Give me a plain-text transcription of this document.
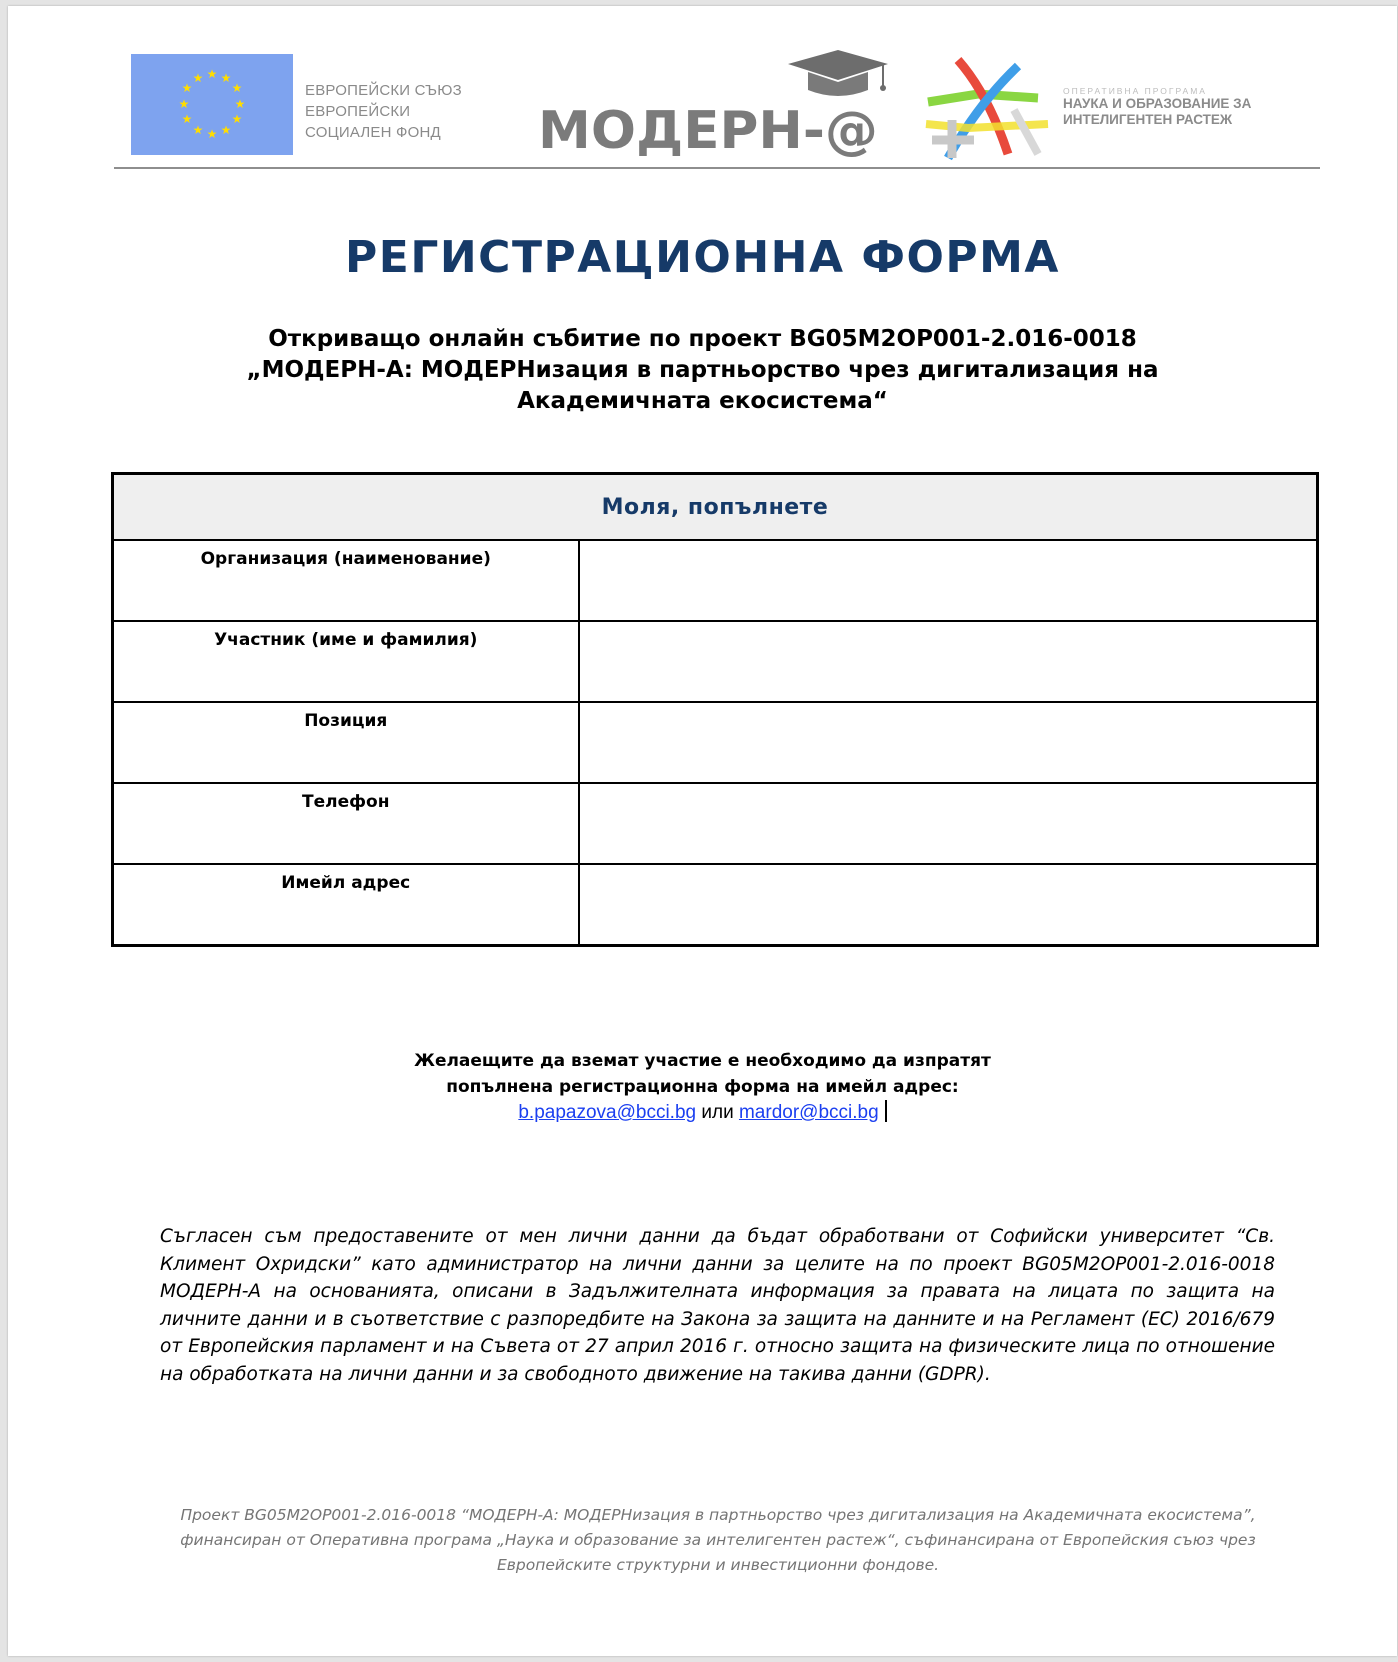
★ ★
★
★
★
★
★
★
★
★
★
★
ЕВРОПЕЙСКИ СЪЮЗ
ЕВРОПЕЙСКИ
СОЦИАЛЕН ФОНД	МОДЕРН-@
ОПЕРАТИВНА ПРОГРАМА
НАУКА И ОБРАЗОВАНИЕ ЗА
ИНТЕЛИГЕНТЕН РАСТЕЖ
РЕГИСТРАЦИОННА ФОРМА
Откриващо онлайн събитие по проект BG05M2OP001-2.016-0018
„МОДЕРН-А: МОДЕРНизация в партньорство чрез дигитализация на
Академичната екосистема“
Моля, попълнете	
Организация (наименование)	
Участник (име и фамилия)	
Позиция	
Телефон	
Имейл адрес	
Желаещите да вземат участие е необходимо да изпратят
попълнена регистрационна форма на имейл адрес:
b.papazova@bcci.bg или mardor@bcci.bg
Съгласен съм предоставените от мен лични данни да бъдат обработвани от Софийски университет “Св. Климент Охридски” като администратор на лични данни за целите на по проект BG05M2OP001-2.016-0018 МОДЕРН-А на основанията, описани в Задължителната информация за правата на лицата по защита на личните данни и в съответствие с разпоредбите на Закона за защита на данните и на Регламент (ЕС) 2016/679 от Европейския парламент и на Съвета от 27 април 2016 г. относно защита на физическите лица по отношение на обработката на лични данни и за свободното движение на такива данни (GDPR).
Проект BG05M2OP001-2.016-0018 “МОДЕРН-А: МОДЕРНизация в партньорство чрез дигитализация на Академичната екосистема”, финансиран от Оперативна програма „Наука и образование за интелигентен растеж“, съфинансирана от Европейския съюз чрез Европейските структурни и инвестиционни фондове.
